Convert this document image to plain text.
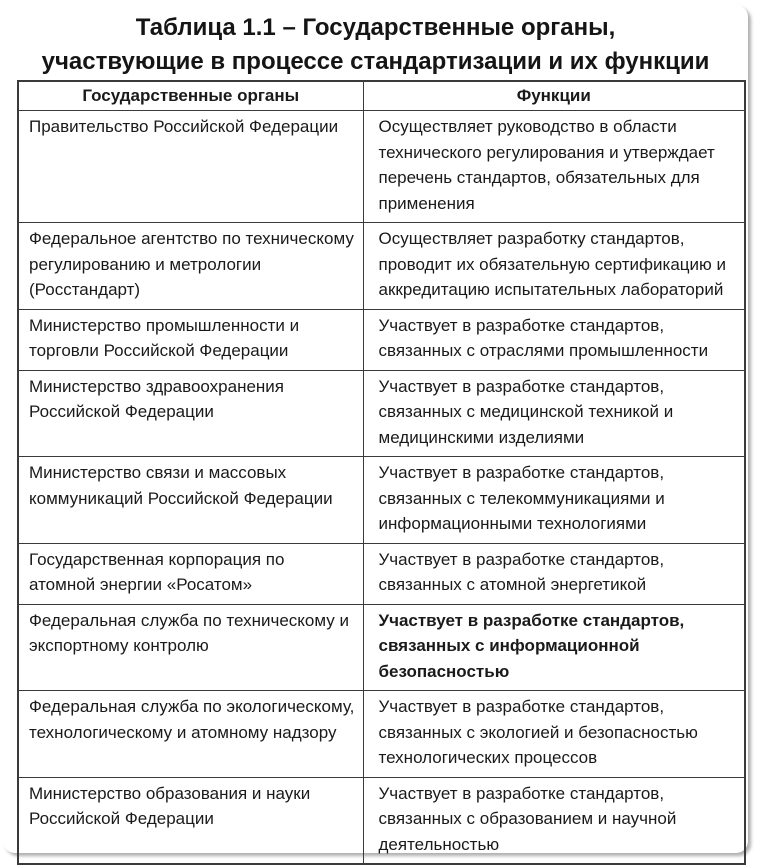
Таблица 1.1 – Государственные органы,
участвующие в процессе стандартизации и их функции
Государственные органы	Функции
Правительство Российской Федерации	Осуществляет руководство в области технического регулирования и утверждает перечень стандартов, обязательных для применения
Федеральное агентство по техническому регулированию и метрологии (Росстандарт)	Осуществляет разработку стандартов, проводит их обязательную сертификацию и аккредитацию испытательных лабораторий
Министерство промышленности и торговли Российской Федерации	Участвует в разработке стандартов, связанных с отраслями промышленности
Министерство здравоохранения Российской Федерации	Участвует в разработке стандартов, связанных с медицинской техникой и медицинскими изделиями
Министерство связи и массовых коммуникаций Российской Федерации	Участвует в разработке стандартов, связанных с телекоммуникациями и информационными технологиями
Государственная корпорация по атомной энергии «Росатом»	Участвует в разработке стандартов, связанных с атомной энергетикой
Федеральная служба по техническому и экспортному контролю	Участвует в разработке стандартов, связанных с информационной безопасностью
Федеральная служба по экологическому, технологическому и атомному надзору	Участвует в разработке стандартов, связанных с экологией и безопасностью технологических процессов
Министерство образования и науки Российской Федерации	Участвует в разработке стандартов, связанных с образованием и научной деятельностью
